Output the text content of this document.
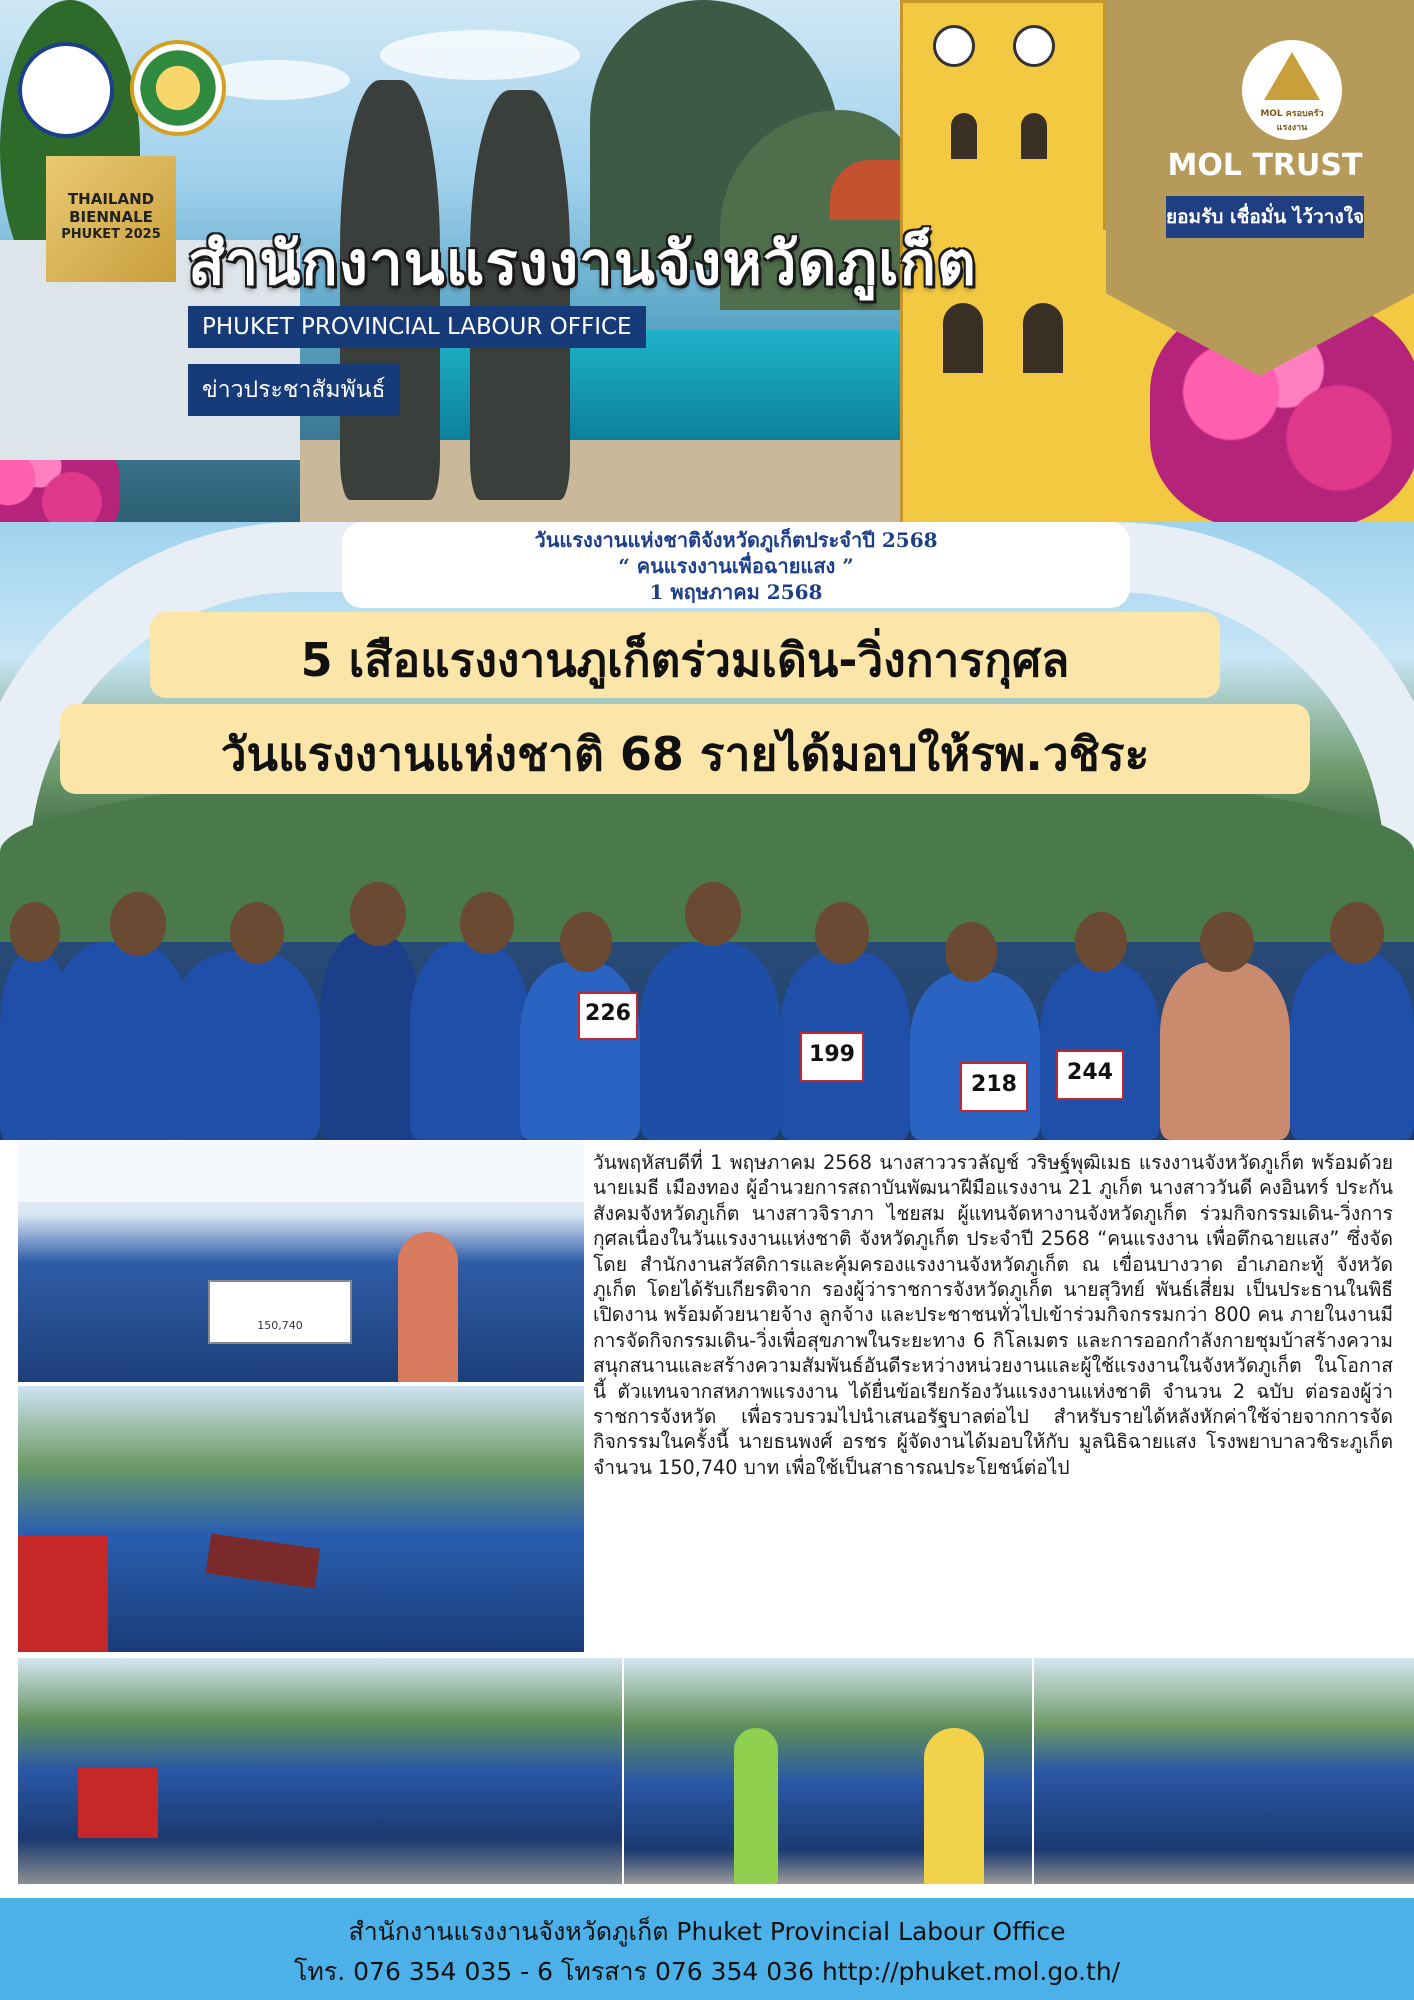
THAILAND
BIENNALE
PHUKET 2025 สำนักงานแรงงานจังหวัดภูเก็ต
PHUKET PROVINCIAL LABOUR OFFICE
ข่าวประชาสัมพันธ์
MOL ครอบครัวแรงงาน
MOL TRUST
ยอมรับ เชื่อมั่น ไว้วางใจ
226
199
218	244
วันแรงงานแห่งชาติจังหวัดภูเก็ตประจำปี 2568
“ คนแรงงานเพื่อฉายแสง ”
1 พฤษภาคม 2568
5 เสือแรงงานภูเก็ตร่วมเดิน-วิ่งการกุศล
วันแรงงานแห่งชาติ 68 รายได้มอบให้รพ.วชิระ
150,740
วันพฤหัสบดีที่ 1 พฤษภาคม 2568 นางสาววรวลัญช์ วริษฐ์พุฒิเมธ แรงงานจังหวัดภูเก็ต พร้อมด้วย นายเมธี เมืองทอง ผู้อำนวยการสถาบันพัฒนาฝีมือแรงงาน 21 ภูเก็ต นางสาววันดี คงอินทร์ ประกันสังคมจังหวัดภูเก็ต นางสาวจิราภา ไชยสม ผู้แทนจัดหางานจังหวัดภูเก็ต ร่วมกิจกรรมเดิน-วิ่งการกุศลเนื่องในวันแรงงานแห่งชาติ จังหวัดภูเก็ต ประจำปี 2568 “คนแรงงาน เพื่อตึกฉายแสง” ซึ่งจัดโดย สำนักงานสวัสดิการและคุ้มครองแรงงานจังหวัดภูเก็ต ณ เขื่อนบางวาด อำเภอกะทู้ จังหวัดภูเก็ต โดยได้รับเกียรติจาก รองผู้ว่าราชการจังหวัดภูเก็ต นายสุวิทย์ พันธ์เสี่ยม เป็นประธานในพิธีเปิดงาน พร้อมด้วยนายจ้าง ลูกจ้าง และประชาชนทั่วไปเข้าร่วมกิจกรรมกว่า 800 คน ภายในงานมีการจัดกิจกรรมเดิน-วิ่งเพื่อสุขภาพในระยะทาง 6 กิโลเมตร และการออกกำลังกายชุมบ้าสร้างความสนุกสนานและสร้างความสัมพันธ์อันดีระหว่างหน่วยงานและผู้ใช้แรงงานในจังหวัดภูเก็ต ในโอกาสนี้ ตัวแทนจากสหภาพแรงงาน ได้ยื่นข้อเรียกร้องวันแรงงานแห่งชาติ จำนวน 2 ฉบับ ต่อรองผู้ว่าราชการจังหวัด เพื่อรวบรวมไปนำเสนอรัฐบาลต่อไป สำหรับรายได้หลังหักค่าใช้จ่ายจากการจัดกิจกรรมในครั้งนี้ นายธนพงศ์ อรชร ผู้จัดงานได้มอบให้กับ มูลนิธิฉายแสง โรงพยาบาลวชิระภูเก็ต จำนวน 150,740 บาท เพื่อใช้เป็นสาธารณประโยชน์ต่อไป
สำนักงานแรงงานจังหวัดภูเก็ต Phuket Provincial Labour Office
โทร. 076 354 035 - 6 โทรสาร 076 354 036 http://phuket.mol.go.th/
